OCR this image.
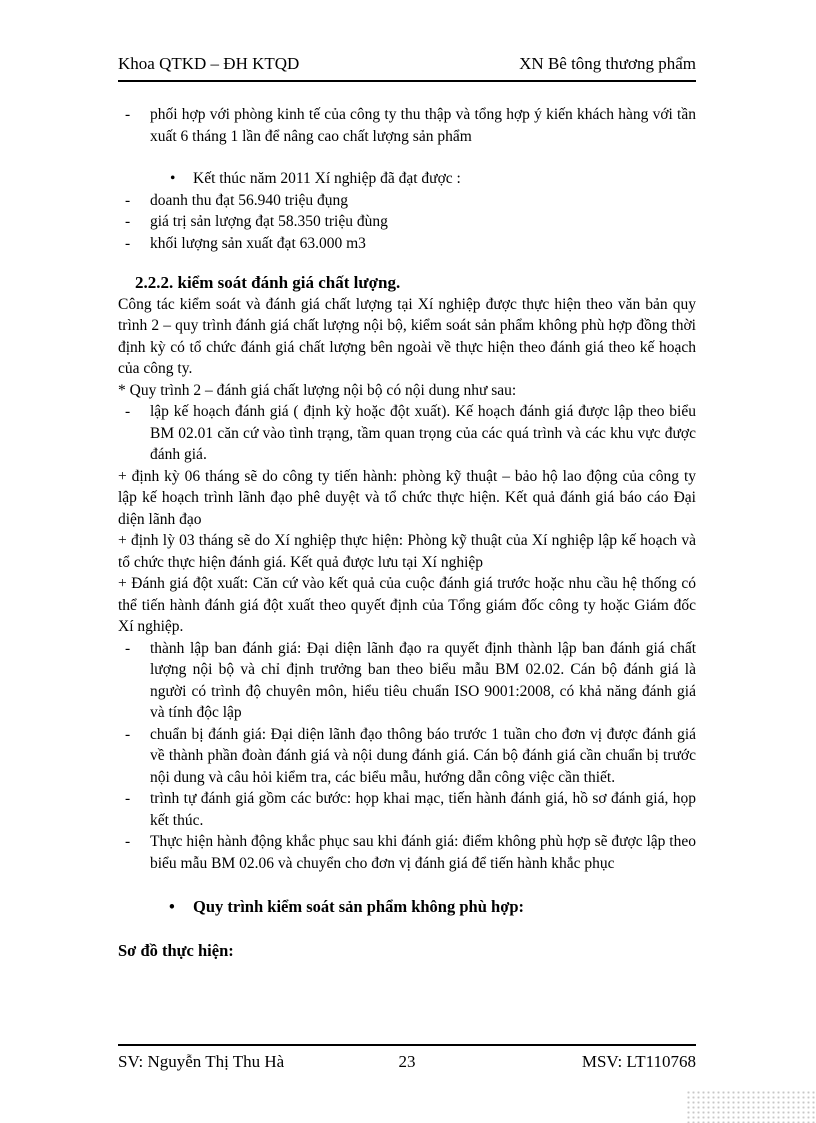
Khoa QTKD – ĐH KTQD	XN Bê tông thương phẩm
- phối hợp với phòng kinh tế của công ty thu thập và tổng hợp ý kiến khách hàng với tần xuất 6 tháng 1 lần để nâng cao chất lượng sản phẩm
• Kết thúc năm 2011 Xí nghiệp đã đạt được :
- doanh thu đạt 56.940 triệu đụng
- giá trị sản lượng đạt 58.350 triệu đùng
- khối lượng sản xuất đạt 63.000 m3
2.2.2. kiểm soát đánh giá chất lượng.
Công tác kiểm soát và đánh giá chất lượng tại Xí nghiệp được thực hiện theo văn bản quy trình 2 – quy trình đánh giá chất lượng nội bộ, kiểm soát sản phẩm không phù hợp đồng thời định kỳ có tổ chức đánh giá chất lượng bên ngoài về thực hiện theo đánh giá theo kế hoạch của công ty.
* Quy trình 2 – đánh giá chất lượng nội bộ có nội dung như sau:
- lập kế hoạch đánh giá ( định kỳ hoặc đột xuất). Kế hoạch đánh giá được lập theo biểu BM 02.01 căn cứ vào tình trạng, tầm quan trọng của các quá trình và các khu vực được đánh giá.
+ định kỳ 06 tháng sẽ do công ty tiến hành: phòng kỹ thuật – bảo hộ lao động của công ty lập kế hoạch trình lãnh đạo phê duyệt và tổ chức thực hiện. Kết quả đánh giá báo cáo Đại diện lãnh đạo
+ định lỳ 03 tháng sẽ do Xí nghiệp thực hiện: Phòng kỹ thuật của Xí nghiệp lập kế hoạch và tổ chức thực hiện đánh giá. Kết quả được lưu tại Xí nghiệp
+ Đánh giá đột xuất: Căn cứ vào kết quả của cuộc đánh giá trước hoặc nhu cầu hệ thống có thể tiến hành đánh giá đột xuất theo quyết định của Tổng giám đốc công ty hoặc Giám đốc Xí nghiệp.
- thành lập ban đánh giá: Đại diện lãnh đạo ra quyết định thành lập ban đánh giá chất lượng nội bộ và chỉ định trưởng ban theo biểu mẫu BM 02.02. Cán bộ đánh giá là người có trình độ chuyên môn, hiểu tiêu chuẩn ISO 9001:2008, có khả năng đánh giá và tính độc lập
- chuẩn bị đánh giá: Đại diện lãnh đạo thông báo trước 1 tuần cho đơn vị được đánh giá về thành phần đoàn đánh giá và nội dung đánh giá. Cán bộ đánh giá cần chuẩn bị trước nội dung và câu hỏi kiểm tra, các biểu mẫu, hướng dẫn công việc cần thiết.
- trình tự đánh giá gồm các bước: họp khai mạc, tiến hành đánh giá, hồ sơ đánh giá, họp kết thúc.
- Thực hiện hành động khắc phục sau khi đánh giá: điểm không phù hợp sẽ được lập theo biểu mẫu BM 02.06 và chuyển cho đơn vị đánh giá để tiến hành khắc phục
• Quy trình kiểm soát sản phẩm không phù hợp:
Sơ đồ thực hiện:
SV: Nguyễn Thị Thu Hà	23	MSV: LT110768
